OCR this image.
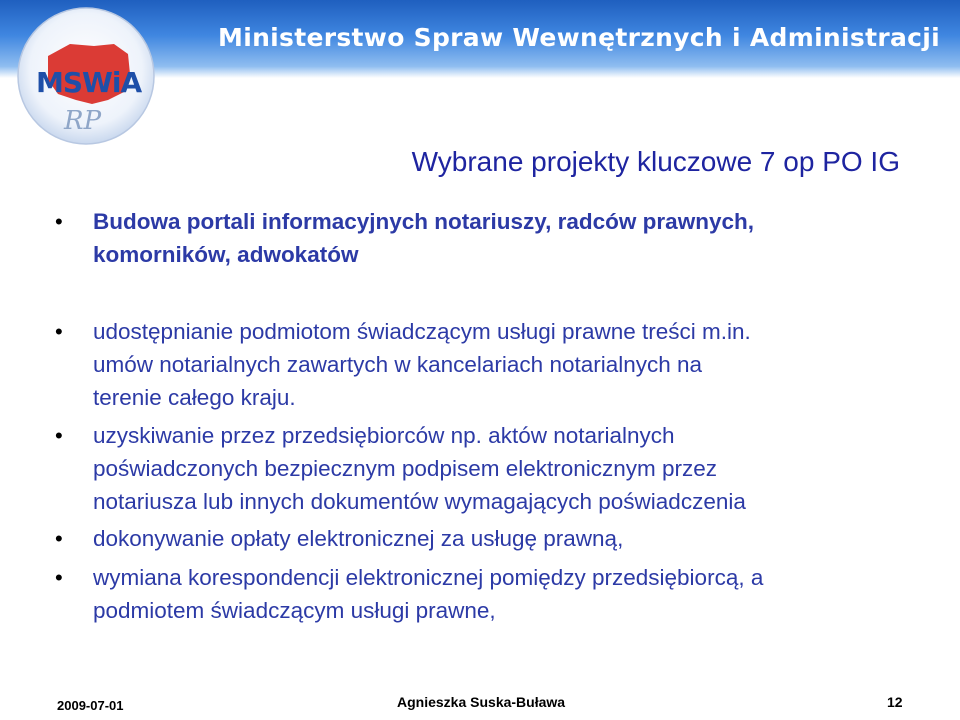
Ministerstwo Spraw Wewnętrznych i Administracji
MSWiA
RP
Wybrane projekty kluczowe 7 op PO IG
• Budowa portali informacyjnych notariuszy, radców prawnych,
komorników, adwokatów
• udostępnianie podmiotom świadczącym usługi prawne treści m.in.
umów notarialnych zawartych w kancelariach notarialnych na
terenie całego kraju.
• uzyskiwanie przez przedsiębiorców np. aktów notarialnych
poświadczonych bezpiecznym podpisem elektronicznym przez
notariusza lub innych dokumentów wymagających poświadczenia
• dokonywanie opłaty elektronicznej za usługę prawną,
• wymiana korespondencji elektronicznej pomiędzy przedsiębiorcą, a
podmiotem świadczącym usługi prawne,
2009-07-01	Agnieszka Suska-Buława	12
